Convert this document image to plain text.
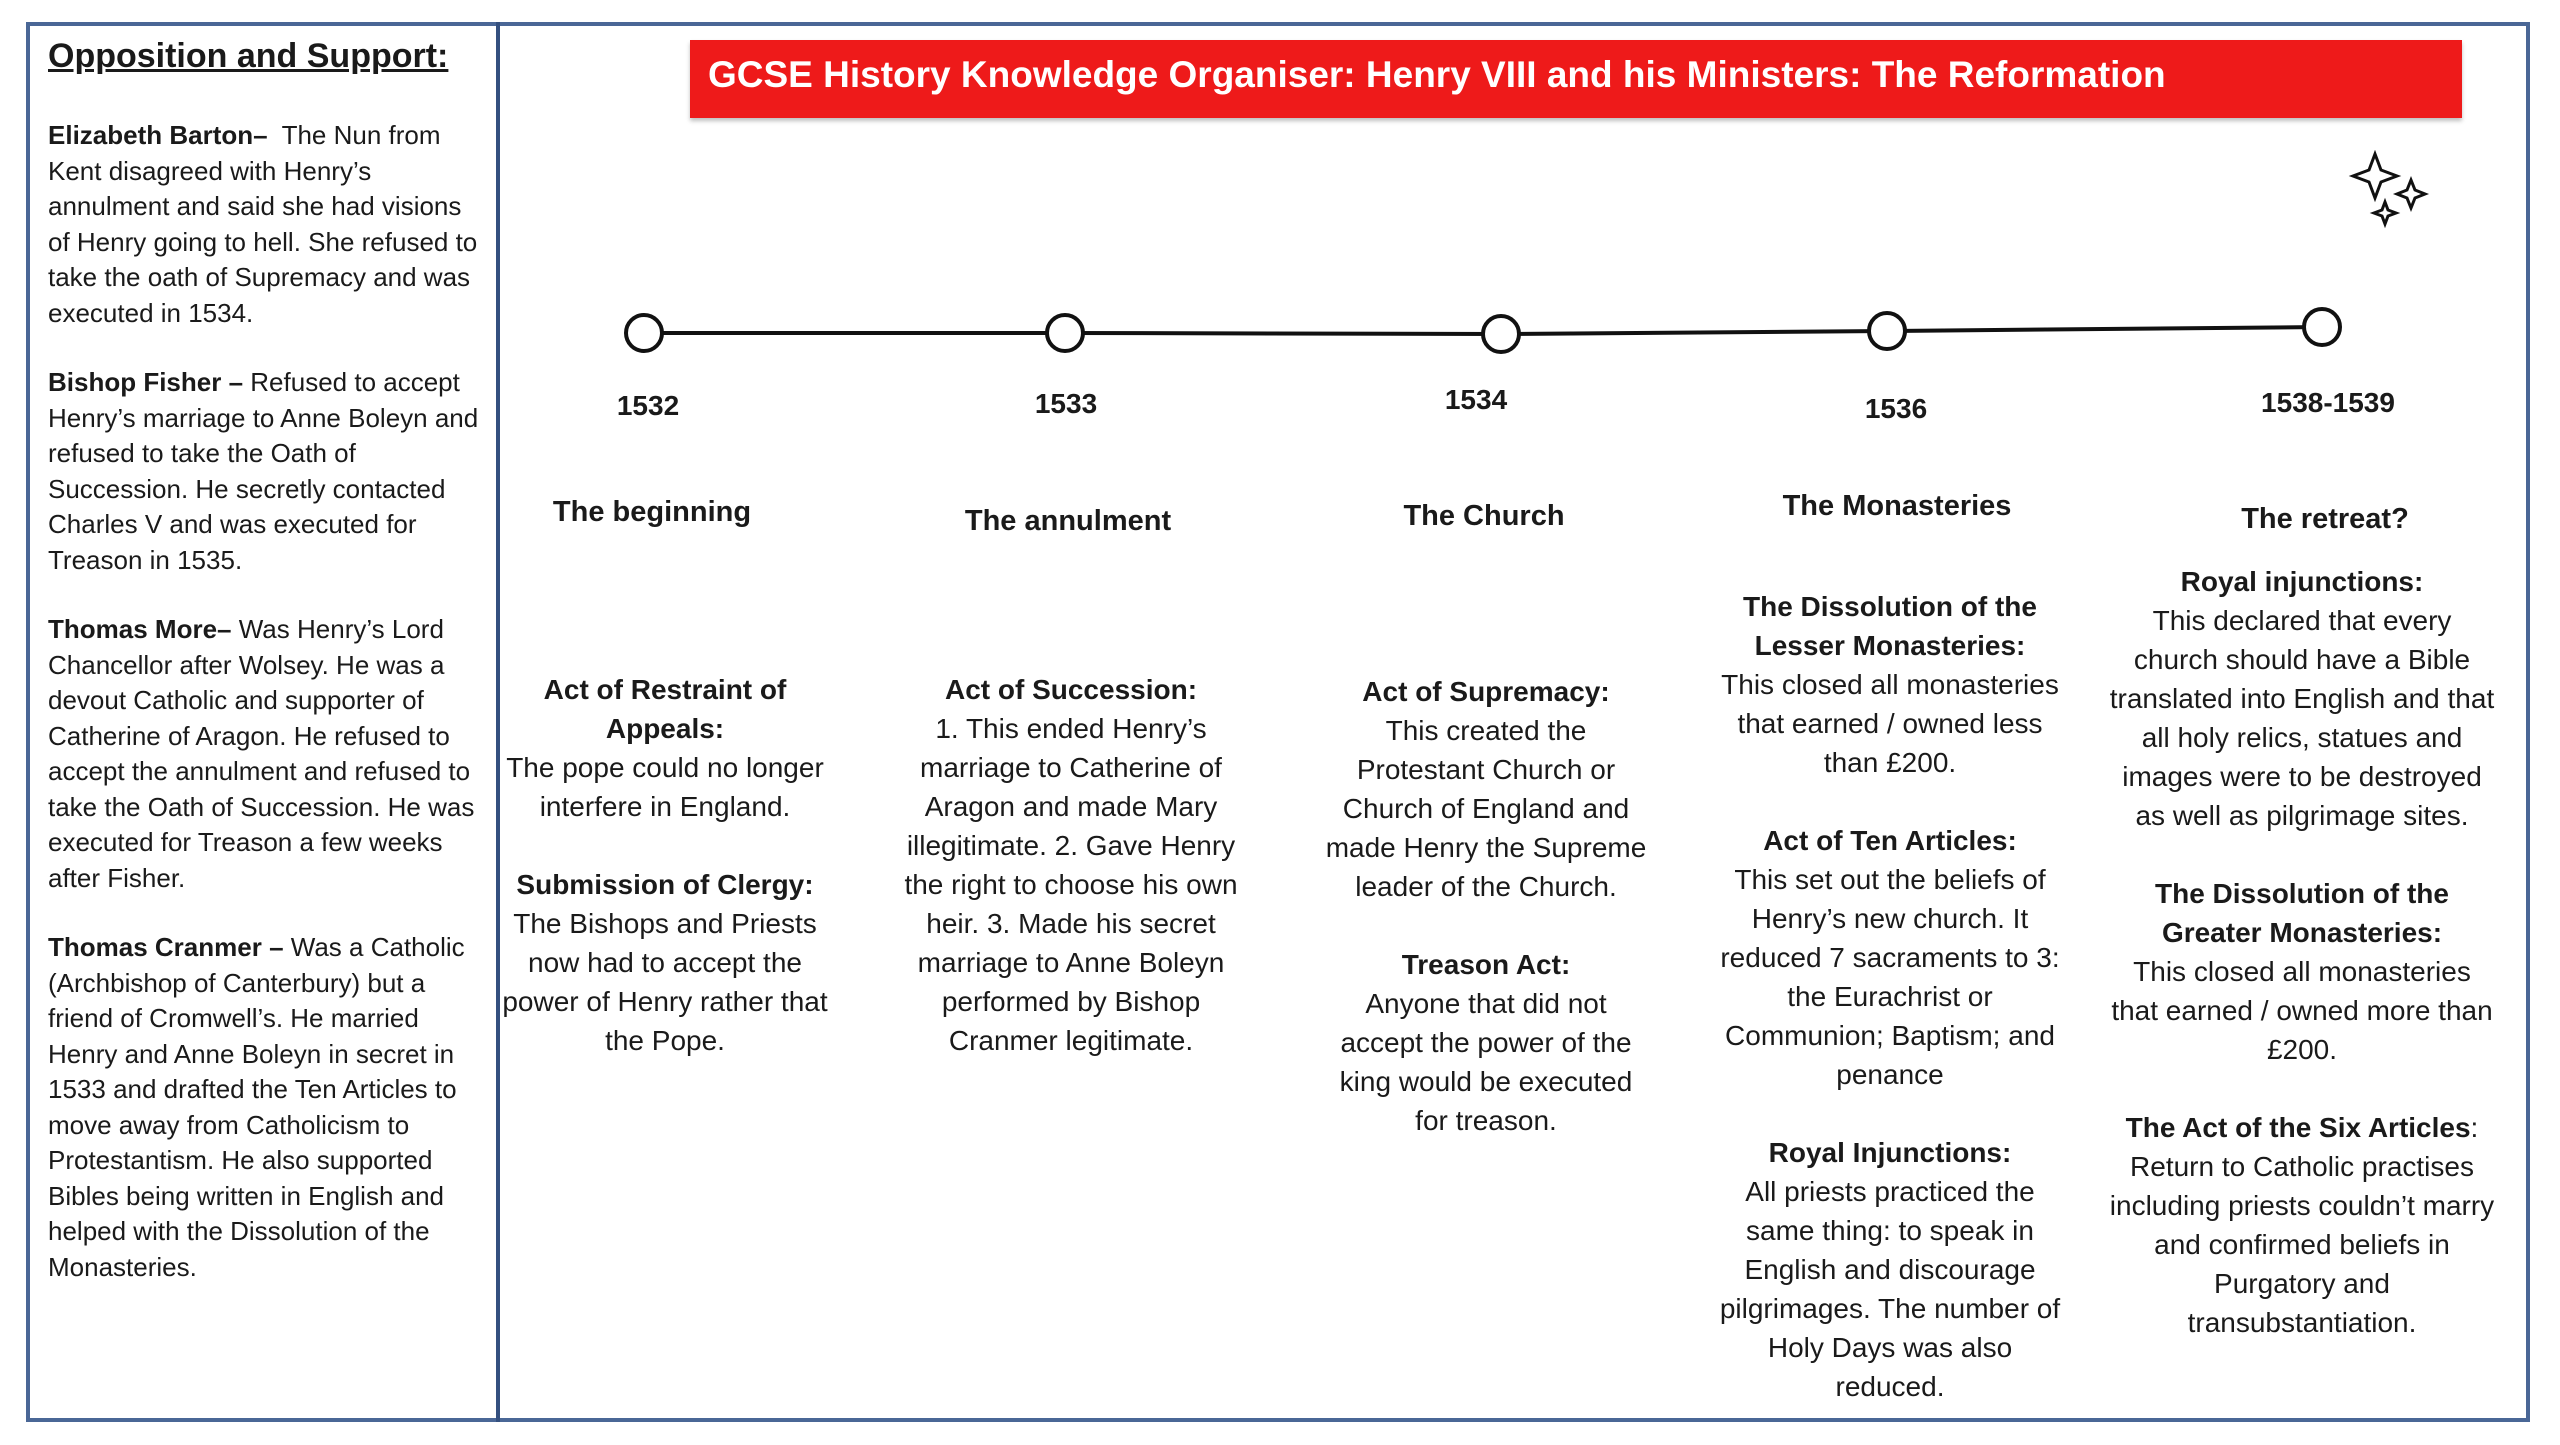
Opposition and Support:
Elizabeth Barton– The Nun from Kent disagreed with Henry’s annulment and said she had visions of Henry going to hell. She refused to take the oath of Supremacy and was executed in 1534.
Bishop Fisher – Refused to accept Henry’s marriage to Anne Boleyn and refused to take the Oath of Succession. He secretly contacted Charles V and was executed for Treason in 1535.
Thomas More– Was Henry’s Lord Chancellor after Wolsey. He was a devout Catholic and supporter of Catherine of Aragon. He refused to accept the annulment and refused to take the Oath of Succession. He was executed for Treason a few weeks after Fisher.
Thomas Cranmer – Was a Catholic (Archbishop of Canterbury) but a friend of Cromwell’s. He married Henry and Anne Boleyn in secret in 1533 and drafted the Ten Articles to move away from Catholicism to Protestantism. He also supported Bibles being written in English and helped with the Dissolution of the Monasteries.
GCSE History Knowledge Organiser: Henry VIII and his Ministers: The Reformation
1532	1533	1534	1536	1538-1539
The beginning	The annulment	The Church	The Monasteries	The retreat?
Act of Restraint of Appeals:
The pope could no longer interfere in England.
Submission of Clergy:
The Bishops and Priests now had to accept the power of Henry rather that the Pope.
Act of Succession:
1. This ended Henry’s marriage to Catherine of Aragon and made Mary illegitimate. 2. Gave Henry the right to choose his own heir. 3. Made his secret marriage to Anne Boleyn performed by Bishop Cranmer legitimate.
Act of Supremacy:
This created the Protestant Church or Church of England and made Henry the Supreme leader of the Church.
Treason Act:
Anyone that did not accept the power of the king would be executed for treason.
The Dissolution of the Lesser Monasteries:
This closed all monasteries that earned / owned less than £200.
Act of Ten Articles:
This set out the beliefs of Henry’s new church. It reduced 7 sacraments to 3: the Eurachrist or Communion; Baptism; and penance
Royal Injunctions:
All priests practiced the same thing: to speak in English and discourage pilgrimages. The number of Holy Days was also reduced.
Royal injunctions:
This declared that every church should have a Bible translated into English and that all holy relics, statues and images were to be destroyed as well as pilgrimage sites.
The Dissolution of the Greater Monasteries:
This closed all monasteries that earned / owned more than £200.
The Act of the Six Articles:
Return to Catholic practises including priests couldn’t marry and confirmed beliefs in Purgatory and transubstantiation.
